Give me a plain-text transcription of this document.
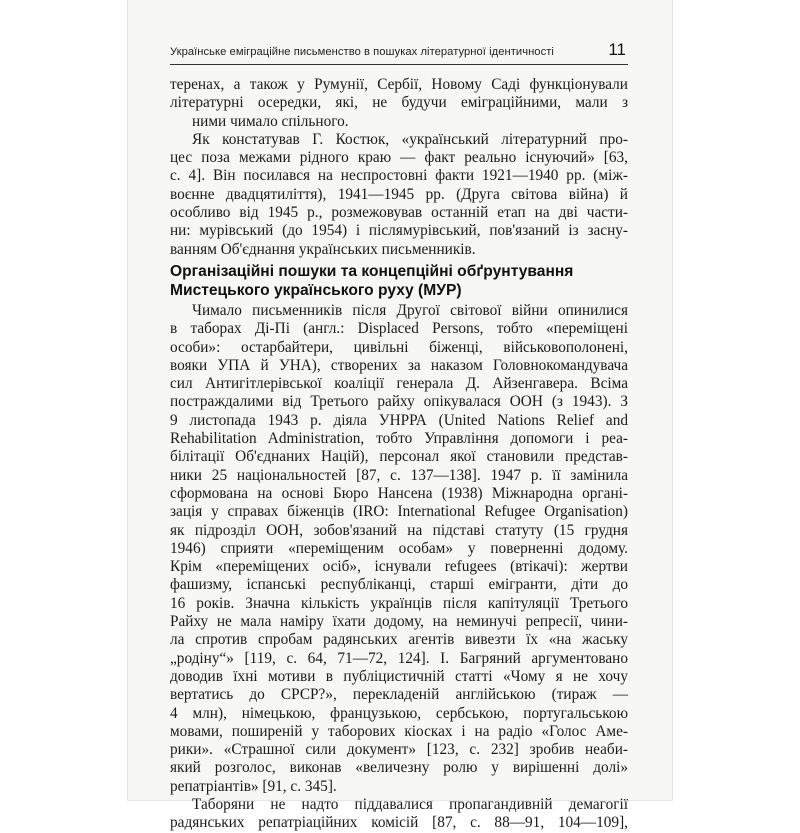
Українське еміграційне письменство в пошуках літературної ідентичності	11

теренах, а також у Румунії, Сербії, Новому Саді функціонували
літературні осередки, які, не будучи еміграційними, мали з
ними чимало спільного.

Як констатував Г. Костюк, «український літературний про-

цес поза межами рідного краю — факт реально існуючий» [63,
с. 4]. Він посилався на неспростовні факти 1921—1940 рр. (між-
воєнне двадцятиліття), 1941—1945 рр. (Друга світова війна) й
особливо від 1945 р., розмежовував останній етап на дві части-
ни: мурівський (до 1954) і післямурівський, пов'язаний із засну-
ванням Об'єднання українських письменників.

Організаційні пошуки та концепційні обґрунтування
Мистецького українського руху (МУР)

Чимало письменників після Другої світової війни опинилися

в таборах Ді-Пі (англ.: Displaced Persons, тобто «переміщені
особи»: остарбайтери, цивільні біженці, військовополонені,
вояки УПА й УНА), створених за наказом Головнокомандувача
сил Антигітлерівської коаліції генерала Д. Айзенгавера. Всіма
постраждалими від Третього райху опікувалася ООН (з 1943). З
9 листопада 1943 р. діяла УНРРА (United Nations Relief and
Rehabilitation Administration, тобто Управління допомоги і реа-
білітації Об'єднаних Націй), персонал якої становили представ-
ники 25 національностей [87, с. 137—138]. 1947 р. її замінила
сформована на основі Бюро Нансена (1938) Міжнародна органі-
зація у справах біженців (IRO: International Refugee Organisation)
як підрозділ ООН, зобов'язаний на підставі статуту (15 грудня
1946) сприяти «переміщеним особам» у поверненні додому.
Крім «переміщених осіб», існували refugees (втікачі): жертви
фашизму, іспанські республіканці, старші емігранти, діти до
16 років. Значна кількість українців після капітуляції Третього
Райху не мала наміру їхати додому, на неминучі репресії, чини-
ла спротив спробам радянських агентів вивезти їх «на жаську
„родіну“» [119, с. 64, 71—72, 124]. І. Багряний аргументовано
доводив їхні мотиви в публіцистичній статті «Чому я не хочу
вертатись до СРСР?», перекладеній англійською (тираж —
4 млн), німецькою, французькою, сербською, португальською
мовами, поширеній у таборових кіосках і на радіо «Голос Аме-
рики». «Страшної сили документ» [123, с. 232] зробив неаби-
який розголос, виконав «величезну ролю у вирішенні долі»
репатріантів» [91, с. 345].

Таборяни не надто піддавалися пропагандивній демагогії

радянських репатріаційних комісій [87, с. 88—91, 104—109],
